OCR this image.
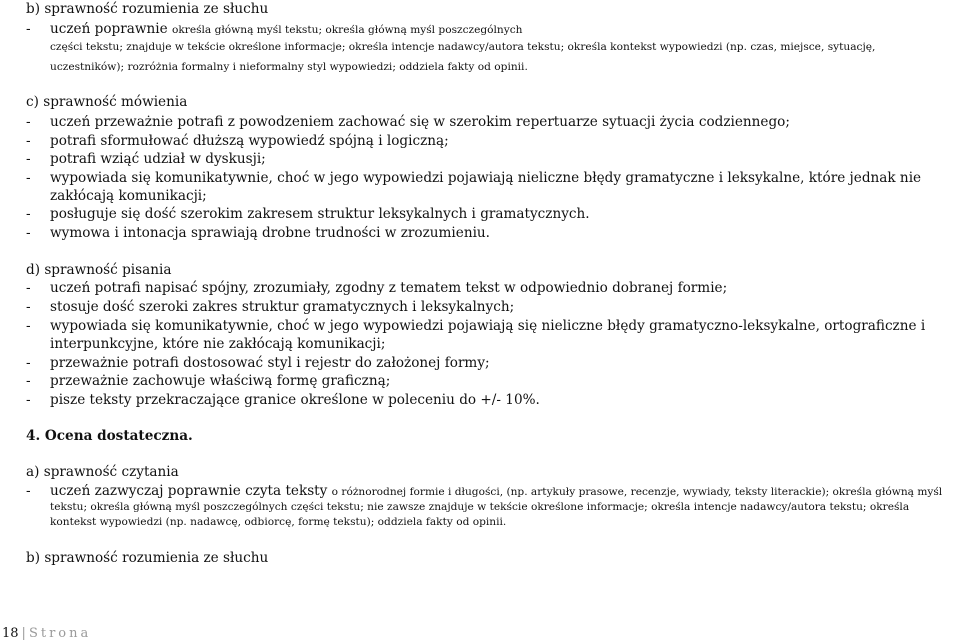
b) sprawność rozumienia ze słuchu
- uczeń poprawnie określa główną myśl tekstu; określa główną myśl poszczególnych
części tekstu; znajduje w tekście określone informacje; określa intencje nadawcy/autora tekstu; określa kontekst wypowiedzi (np. czas, miejsce, sytuację,
uczestników); rozróżnia formalny i nieformalny styl wypowiedzi; oddziela fakty od opinii.
c) sprawność mówienia
- uczeń przeważnie potrafi z powodzeniem zachować się w szerokim repertuarze sytuacji życia codziennego;
- potrafi sformułować dłuższą wypowiedź spójną i logiczną;
- potrafi wziąć udział w dyskusji;
- wypowiada się komunikatywnie, choć w jego wypowiedzi pojawiają nieliczne błędy gramatyczne i leksykalne, które jednak nie
zakłócają komunikacji;
- posługuje się dość szerokim zakresem struktur leksykalnych i gramatycznych.
- wymowa i intonacja sprawiają drobne trudności w zrozumieniu.
d) sprawność pisania
- uczeń potrafi napisać spójny, zrozumiały, zgodny z tematem tekst w odpowiednio dobranej formie;
- stosuje dość szeroki zakres struktur gramatycznych i leksykalnych;
- wypowiada się komunikatywnie, choć w jego wypowiedzi pojawiają się nieliczne błędy gramatyczno-leksykalne, ortograficzne i
interpunkcyjne, które nie zakłócają komunikacji;
- przeważnie potrafi dostosować styl i rejestr do założonej formy;
- przeważnie zachowuje właściwą formę graficzną;
- pisze teksty przekraczające granice określone w poleceniu do +/- 10%.
4. Ocena dostateczna.
a) sprawność czytania
- uczeń zazwyczaj poprawnie czyta teksty o różnorodnej formie i długości, (np. artykuły prasowe, recenzje, wywiady, teksty literackie); określa główną myśl
tekstu; określa główną myśl poszczególnych części tekstu; nie zawsze znajduje w tekście określone informacje; określa intencje nadawcy/autora tekstu; określa
kontekst wypowiedzi (np. nadawcę, odbiorcę, formę tekstu); oddziela fakty od opinii.
b) sprawność rozumienia ze słuchu
18 | Strona
